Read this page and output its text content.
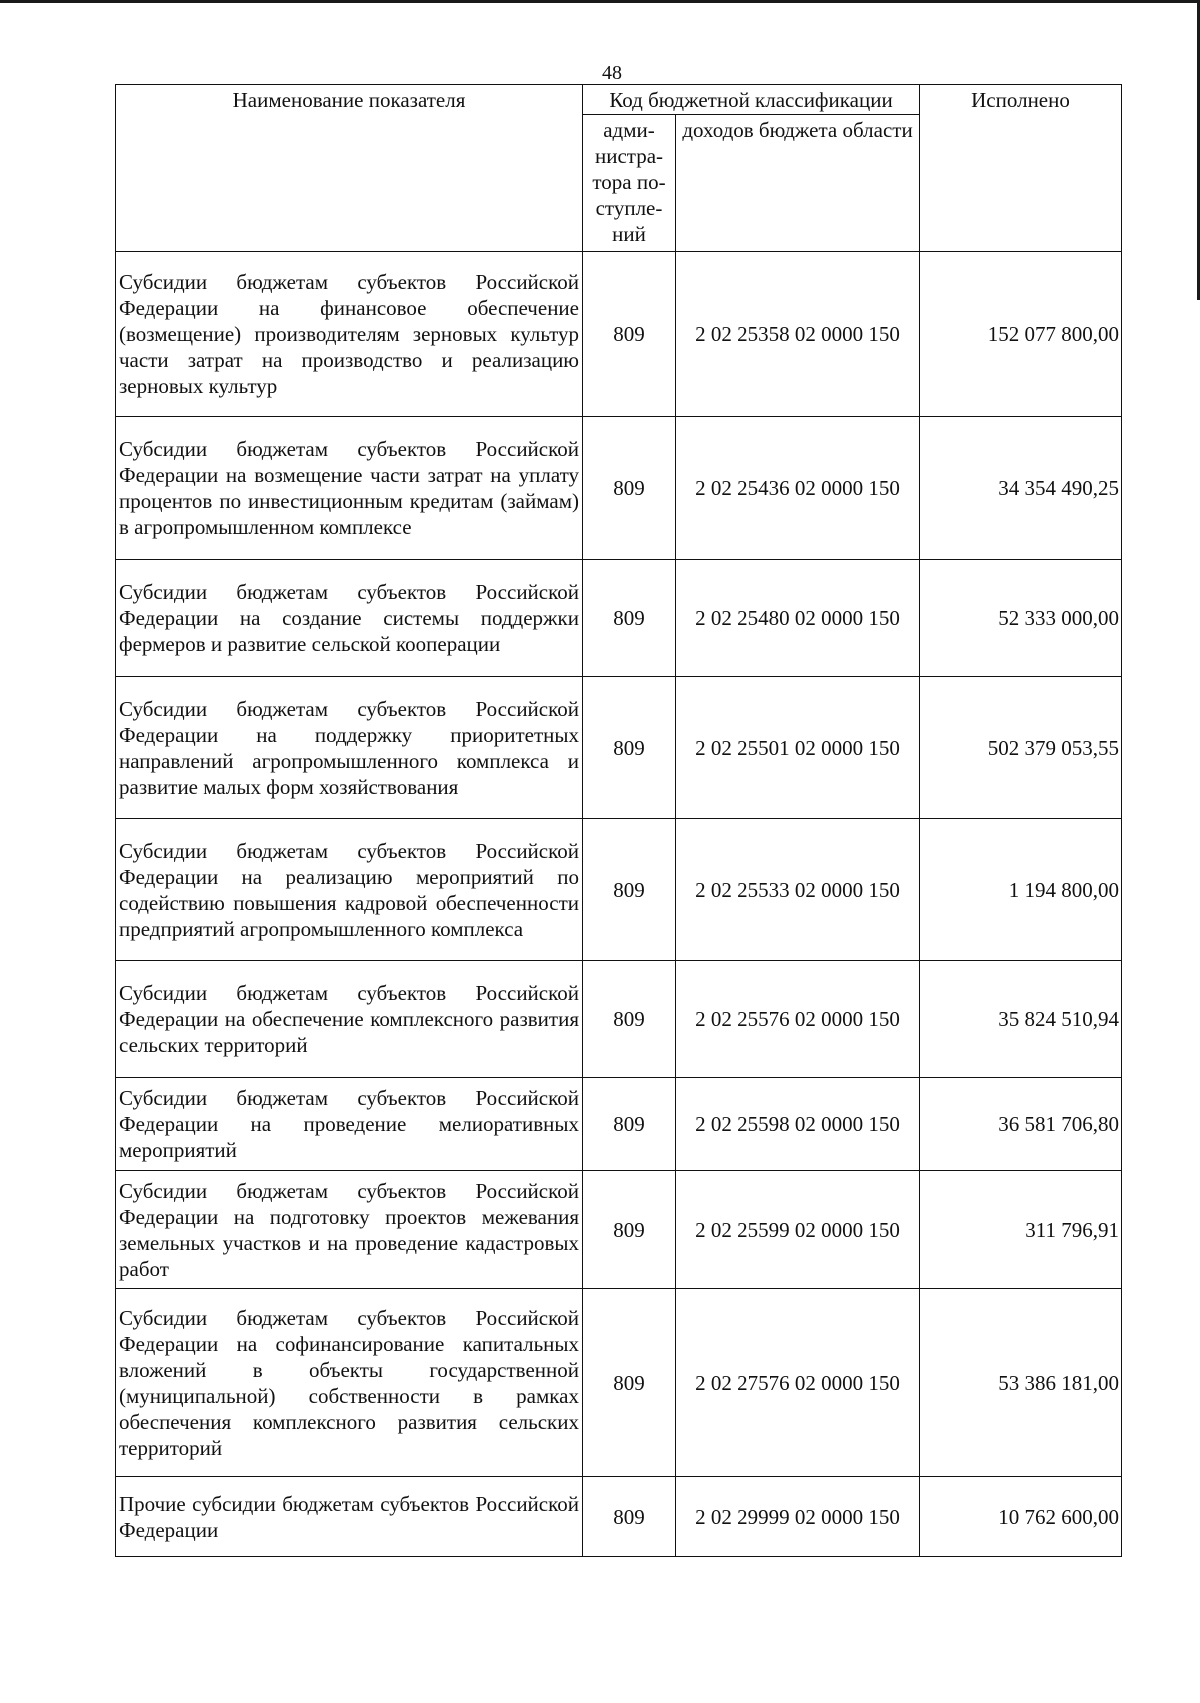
48
Наименование показателя	Код бюджетной классификации		Исполнено
	адми-нистра-тора по-ступле-ний	доходов бюджета области	
Субсидии бюджетам субъектов Российской Федерации на финансовое обеспечение (возмещение) производителям зерновых культур части затрат на производство и реализацию зерновых культур	809	2 02 25358 02 0000 150	152 077 800,00
Субсидии бюджетам субъектов Российской Федерации на возмещение части затрат на уплату процентов по инвестиционным кредитам (займам) в агропромышленном комплексе	809	2 02 25436 02 0000 150	34 354 490,25
Субсидии бюджетам субъектов Российской Федерации на создание системы поддержки фермеров и развитие сельской кооперации	809	2 02 25480 02 0000 150	52 333 000,00
Субсидии бюджетам субъектов Российской Федерации на поддержку приоритетных направлений агропромышленного комплекса и развитие малых форм хозяйствования	809	2 02 25501 02 0000 150	502 379 053,55
Субсидии бюджетам субъектов Российской Федерации на реализацию мероприятий по содействию повышения кадровой обеспеченности предприятий агропромышленного комплекса	809	2 02 25533 02 0000 150	1 194 800,00
Субсидии бюджетам субъектов Российской Федерации на обеспечение комплексного развития сельских территорий	809	2 02 25576 02 0000 150	35 824 510,94
Субсидии бюджетам субъектов Российской Федерации на проведение мелиоративных мероприятий	809	2 02 25598 02 0000 150	36 581 706,80
Субсидии бюджетам субъектов Российской Федерации на подготовку проектов межевания земельных участков и на проведение кадастровых работ	809	2 02 25599 02 0000 150	311 796,91
Субсидии бюджетам субъектов Российской Федерации на софинансирование капитальных вложений в объекты государственной (муниципальной) собственности в рамках обеспечения комплексного развития сельских территорий	809	2 02 27576 02 0000 150	53 386 181,00
Прочие субсидии бюджетам субъектов Российской Федерации	809	2 02 29999 02 0000 150	10 762 600,00
